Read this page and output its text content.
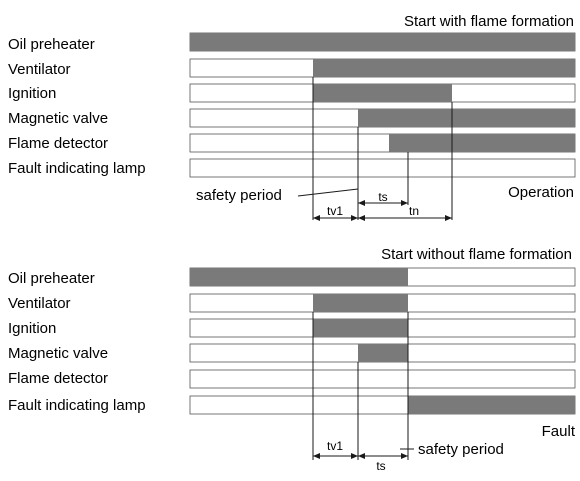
Start with flame formation
Oil preheater
Ventilator
Ignition
Magnetic valve
Flame detector
Fault indicating lamp
safety period	ts
tv1	tn
Operation
Start without flame formation
Oil preheater
Ventilator
Ignition
Magnetic valve
Flame detector
Fault indicating lamp
tv1
ts
safety period
Fault
